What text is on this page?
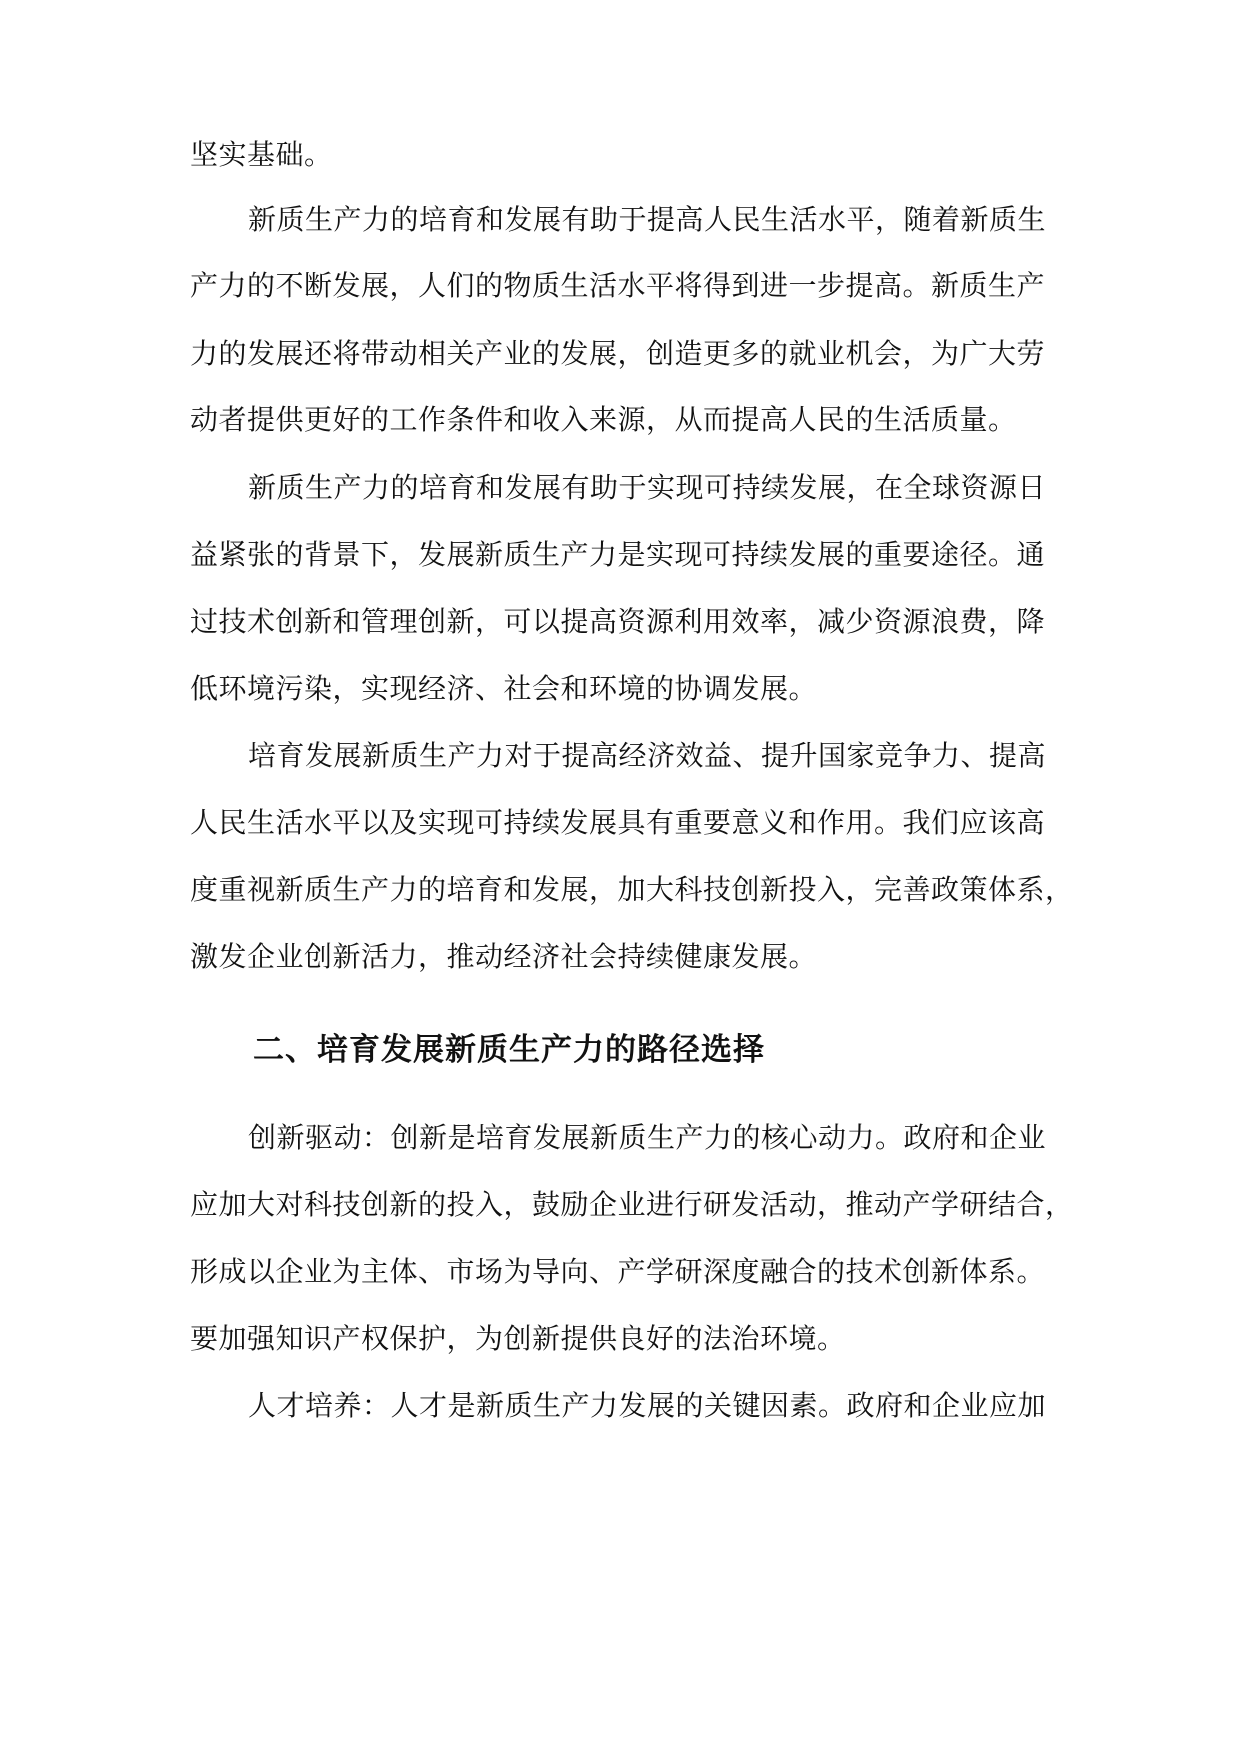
坚实基础。
新质生产力的培育和发展有助于提高人民生活水平，随着新质生
产力的不断发展，人们的物质生活水平将得到进一步提高。新质生产
力的发展还将带动相关产业的发展，创造更多的就业机会，为广大劳
动者提供更好的工作条件和收入来源，从而提高人民的生活质量。
新质生产力的培育和发展有助于实现可持续发展，在全球资源日
益紧张的背景下，发展新质生产力是实现可持续发展的重要途径。通
过技术创新和管理创新，可以提高资源利用效率，减少资源浪费，降
低环境污染，实现经济、社会和环境的协调发展。
培育发展新质生产力对于提高经济效益、提升国家竞争力、提高
人民生活水平以及实现可持续发展具有重要意义和作用。我们应该高
度重视新质生产力的培育和发展，加大科技创新投入，完善政策体系，
激发企业创新活力，推动经济社会持续健康发展。
二、培育发展新质生产力的路径选择
创新驱动：创新是培育发展新质生产力的核心动力。政府和企业
应加大对科技创新的投入，鼓励企业进行研发活动，推动产学研结合，
形成以企业为主体、市场为导向、产学研深度融合的技术创新体系。
要加强知识产权保护，为创新提供良好的法治环境。
人才培养：人才是新质生产力发展的关键因素。政府和企业应加
